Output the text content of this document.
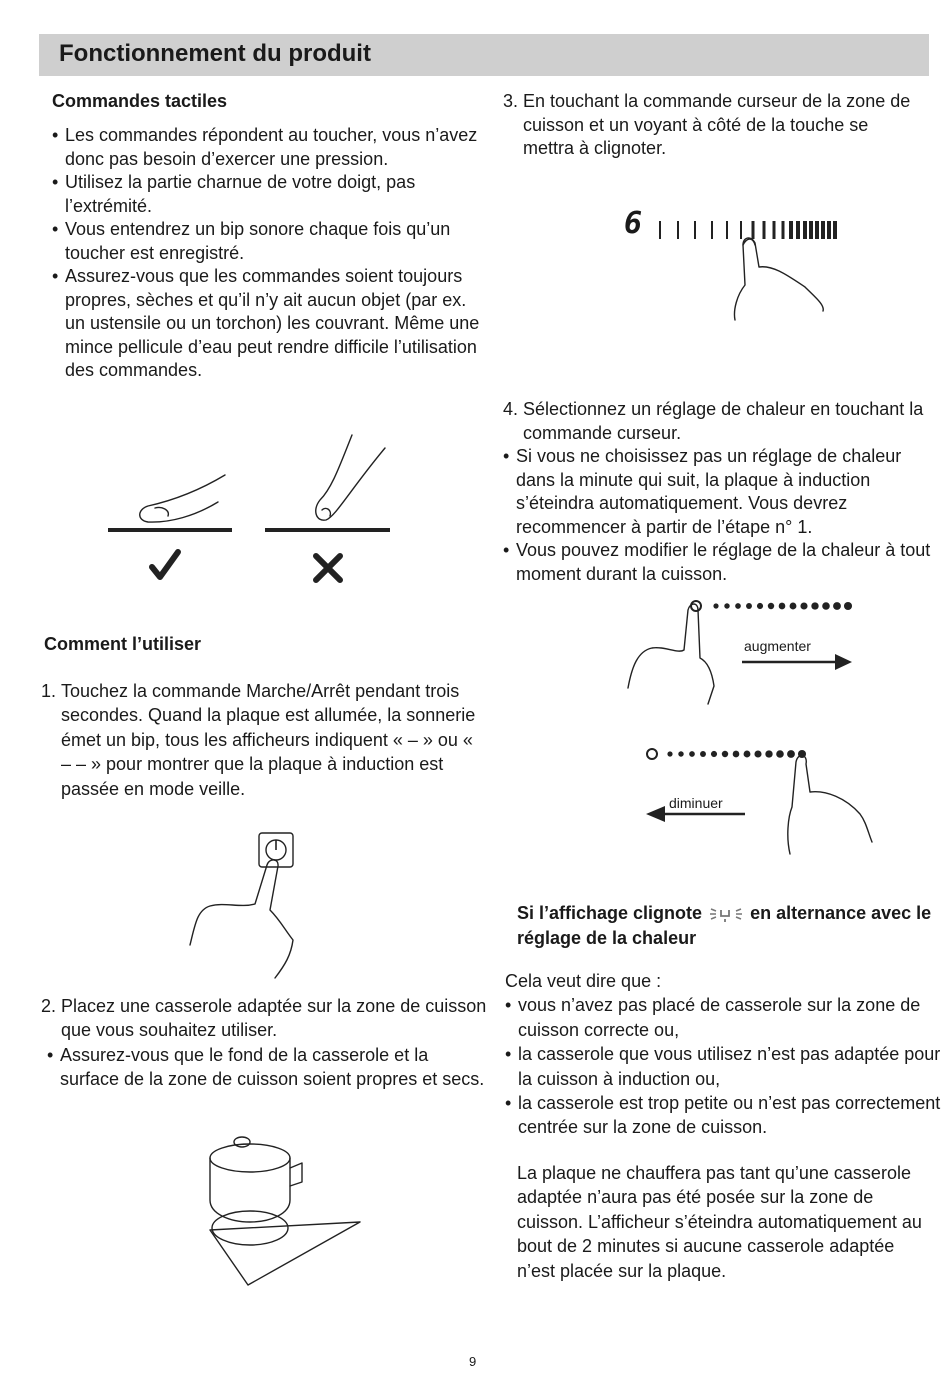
Fonctionnement du produit
Commandes tactiles
• Les commandes répondent au toucher, vous n’avez donc pas besoin d’exercer une pression.
• Utilisez la partie charnue de votre doigt, pas l’extrémité.
• Vous entendrez un bip sonore chaque fois qu’un toucher est enregistré.
• Assurez-vous que les commandes soient toujours propres, sèches et qu’il n’y ait aucun objet (par ex. un ustensile ou un torchon) les couvrant. Même une mince pellicule d’eau peut rendre difficile l’utilisation des commandes.
Comment l’utiliser
1. Touchez la commande Marche/Arrêt pendant trois secondes. Quand la plaque est allumée, la sonnerie émet un bip, tous les afficheurs indiquent « – » ou « – – » pour montrer que la plaque à induction est passée en mode veille.
2. Placez une casserole adaptée sur la zone de cuisson que vous souhaitez utiliser.
• Assurez-vous que le fond de la casserole et la surface de la zone de cuisson soient propres et secs.
3. En touchant la commande curseur de la zone de cuisson et un voyant à côté de la touche se mettra à clignoter.
6
4. Sélectionnez un réglage de chaleur en touchant la commande curseur.
• Si vous ne choisissez pas un réglage de chaleur dans la minute qui suit, la plaque à induction s’éteindra automatiquement. Vous devrez recommencer à partir de l’étape n° 1.
• Vous pouvez modifier le réglage de la chaleur à tout moment durant la cuisson.
augmenter
diminuer
Si l’affichage clignote	en alternance avec le réglage de la chaleur
Cela veut dire que :
• vous n’avez pas placé de casserole sur la zone de cuisson correcte ou,
• la casserole que vous utilisez n’est pas adaptée pour la cuisson à induction ou,
• la casserole est trop petite ou n’est pas correctement centrée sur la zone de cuisson.
La plaque ne chauffera pas tant qu’une casserole adaptée n’aura pas été posée sur la zone de cuisson. L’afficheur s’éteindra automatiquement au bout de 2 minutes si aucune casserole adaptée n’est placée sur la plaque.
9
